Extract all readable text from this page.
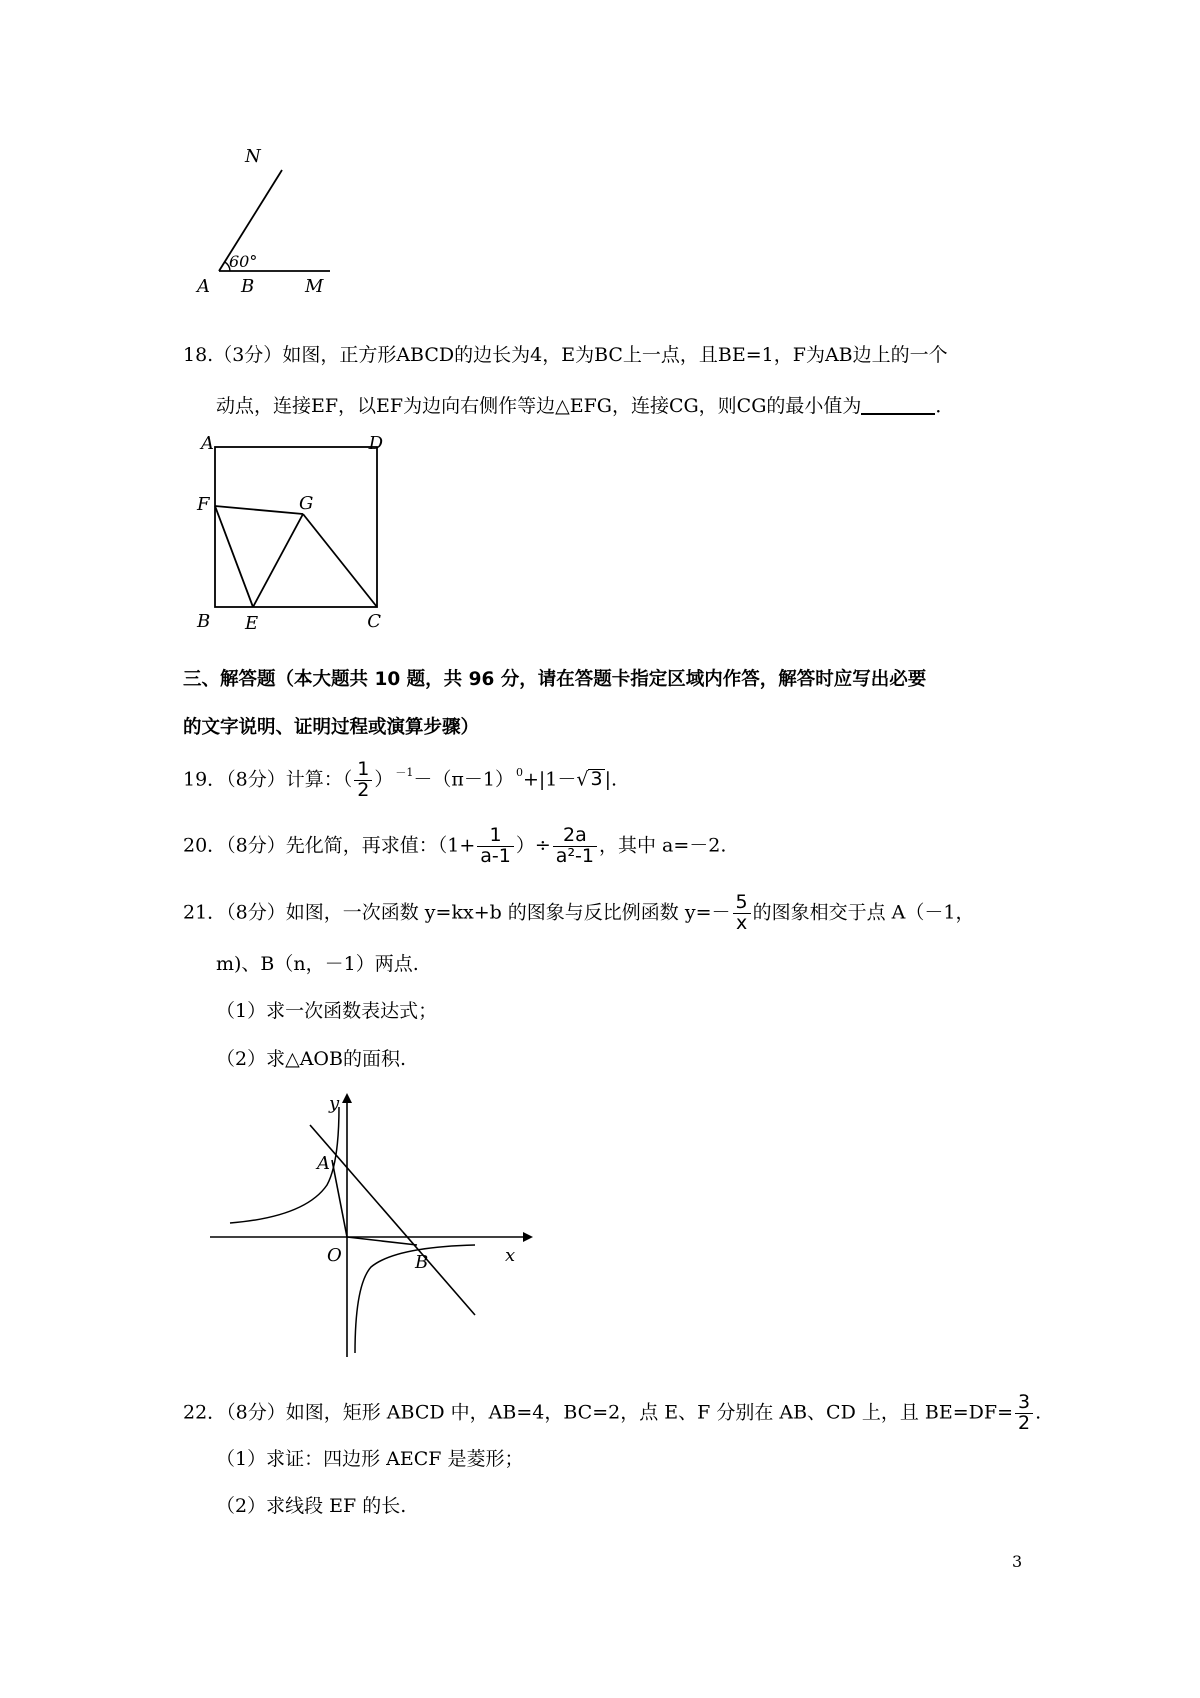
N
60°
A B	M
18.（3分）如图，正方形ABCD的边长为4，E为BC上一点，且BE=1，F为AB边上的一个
动点，连接EF，以EF为边向右侧作等边△EFG，连接CG，则CG的最小值为	．
A	D
F	G
B E	C
三、解答题（本大题共 10 题，共 96 分，请在答题卡指定区域内作答，解答时应写出必要
的文字说明、证明过程或演算步骤）
19．（8分）计算：（ $\frac{1}{2}$ ） $^{-1}$－（π－1） $^0$+|1－√ 3 |.
20．（8分）先化简，再求值：（$1+ \frac{1}{a-1}$ ）÷ $\frac{2a}{\text{a²-1}}$ ，其中 a=－2.
21．（8分）如图，一次函数 y=kx+b 的图象与反比例函数 $y=- \frac{5}{x}$ 的图象相交于点 A（－1，
m)、B（n，－1）两点.
（1）求一次函数表达式；
（2）求△AOB的面积.
y
x
A
O	B
22．（8分）如图，矩形 ABCD 中，AB=4，BC=2，点 E、F 分别在 AB、CD 上，且 $BE=DF= \frac{3}{2}$ .
（1）求证：四边形 AECF 是菱形；
（2）求线段 EF 的长.
3
